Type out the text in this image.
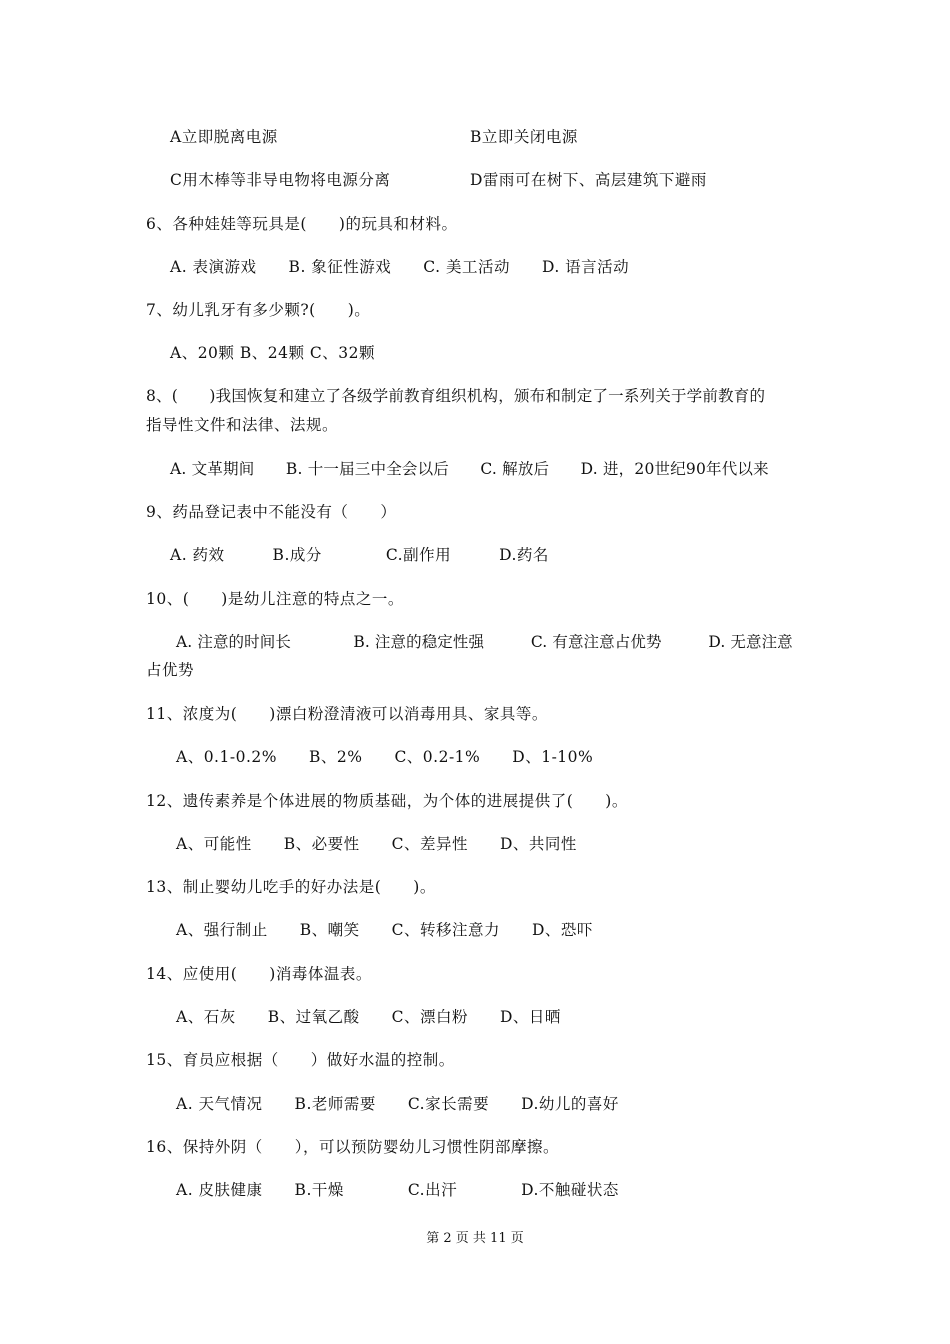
A立即脱离电源	B立即关闭电源
C用木棒等非导电物将电源分离	D雷雨可在树下、高层建筑下避雨
6、各种娃娃等玩具是(　　)的玩具和材料。
A. 表演游戏　　B. 象征性游戏　　C. 美工活动　　D. 语言活动
7、幼儿乳牙有多少颗?(　　)。
A、20颗 B、24颗 C、32颗
8、(　　)我国恢复和建立了各级学前教育组织机构，颁布和制定了一系列关于学前教育的
指导性文件和法律、法规。
A. 文革期间　　B. 十一届三中全会以后　　C. 解放后　　D. 进，20世纪90年代以来
9、药品登记表中不能没有（　　）
A. 药效　　　B.成分　　　　C.副作用　　　D.药名
10、(　　)是幼儿注意的特点之一。
A. 注意的时间长　　　　B. 注意的稳定性强　　　C. 有意注意占优势　　　D. 无意注意
占优势
11、浓度为(　　)漂白粉澄清液可以消毒用具、家具等。
A、0.1-0.2%　　B、2%　　C、0.2-1%　　D、1-10%
12、遗传素养是个体进展的物质基础，为个体的进展提供了(　　)。
A、可能性　　B、必要性　　C、差异性　　D、共同性
13、制止婴幼儿吃手的好办法是(　　)。
A、强行制止　　B、嘲笑　　C、转移注意力　　D、恐吓
14、应使用(　　)消毒体温表。
A、石灰　　B、过氧乙酸　　C、漂白粉　　D、日晒
15、育员应根据（　　）做好水温的控制。
A. 天气情况　　B.老师需要　　C.家长需要　　D.幼儿的喜好
16、保持外阴（　　），可以预防婴幼儿习惯性阴部摩擦。
A. 皮肤健康　　B.干燥　　　　C.出汗　　　　D.不触碰状态
第 2 页 共 11 页
